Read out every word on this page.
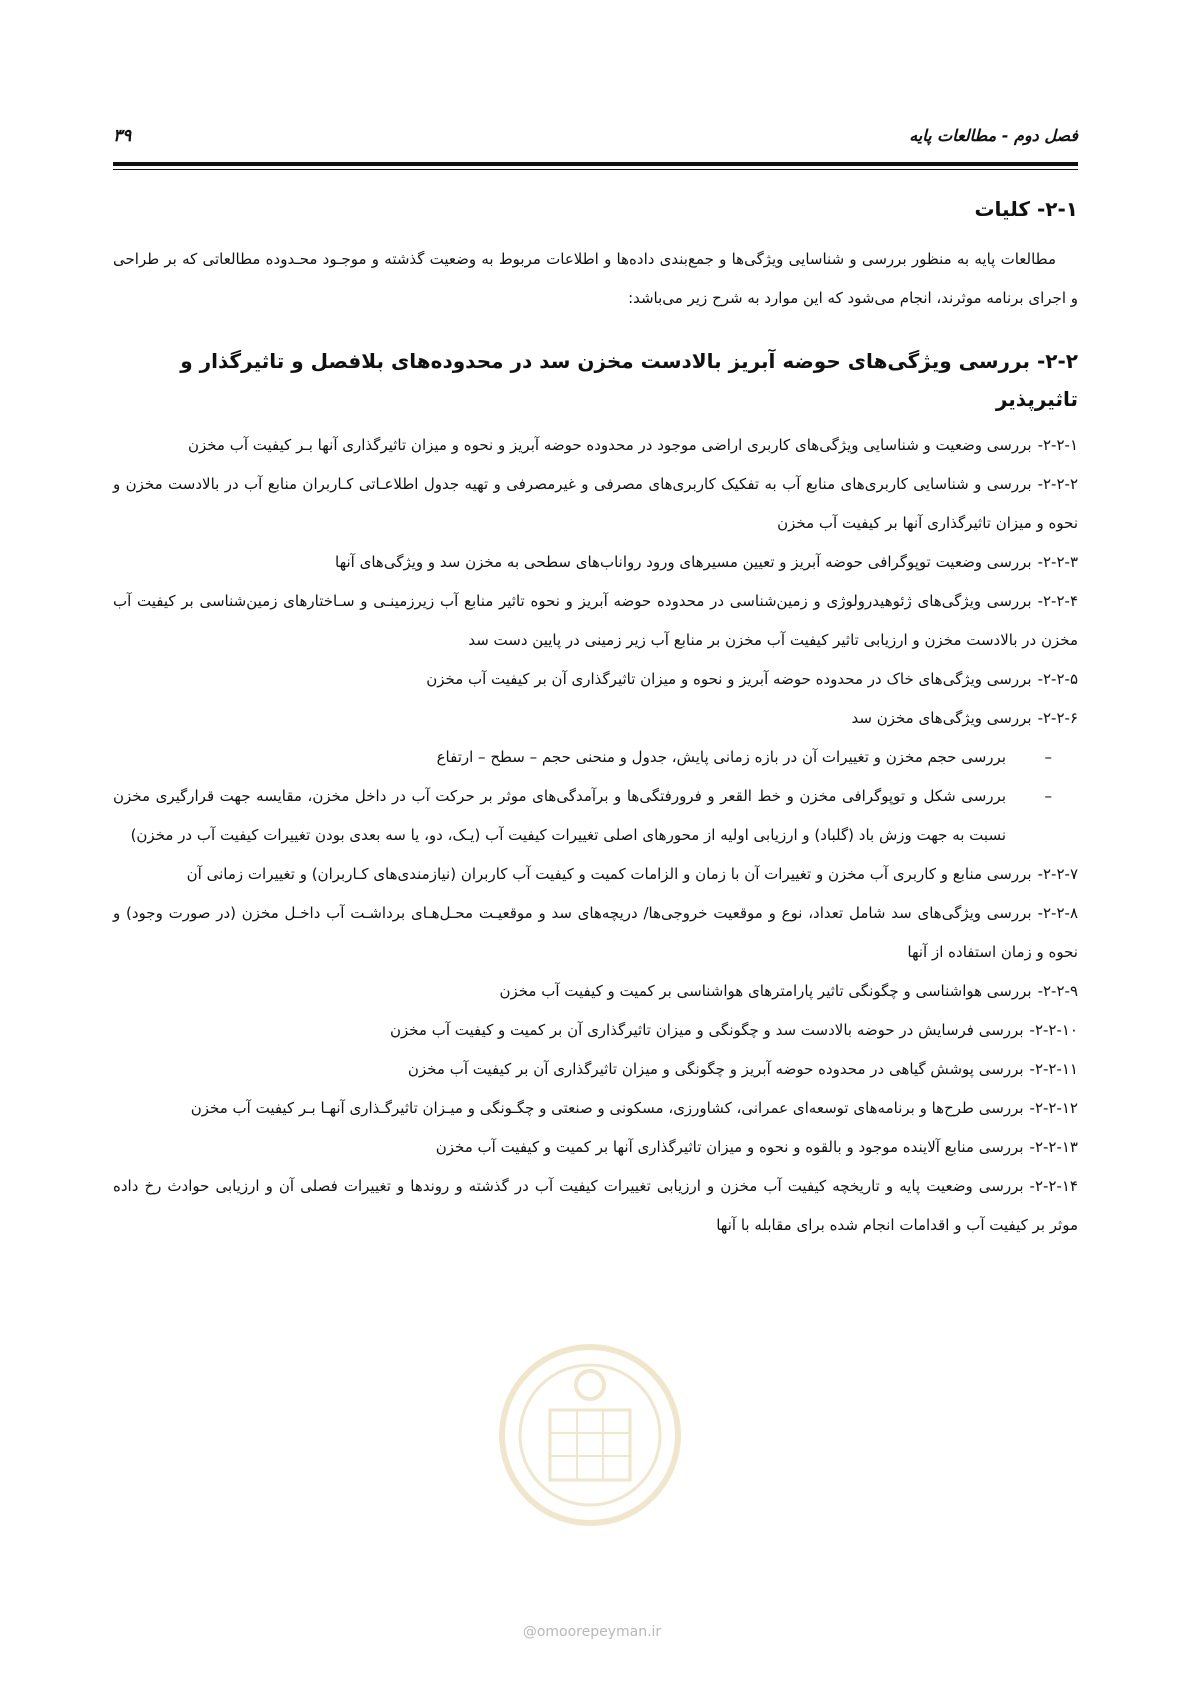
فصل دوم - مطالعات پایه
۳۹
۲-۱- کلیات

مطالعات پایه به منظور بررسی و شناسایی ویژگی‌ها و جمع‌بندی داده‌ها و اطلاعات مربوط به وضعیت گذشته و موجـود محـدوده مطالعاتی که بر طراحی و اجرای برنامه موثرند، انجام می‌شود که این موارد به شرح زیر می‌باشد:

۲-۲- بررسی ویژگی‌های حوضه آبریز بالادست مخزن سد در محدوده‌های بلافصل و تاثیرگذار و تاثیرپذیر
۲-۲-۱-بررسی وضعیت و شناسایی ویژگی‌های کاربری اراضی موجود در محدوده حوضه آبریز و نحوه و میزان تاثیرگذاری آنها بـر کیفیت آب مخزن
۲-۲-۲-بررسی و شناسایی کاربری‌های منابع آب به تفکیک کاربری‌های مصرفی و غیرمصرفی و تهیه جدول اطلاعـاتی کـاربران منابع آب در بالادست مخزن و نحوه و میزان تاثیرگذاری آنها بر کیفیت آب مخزن
۲-۲-۳-بررسی وضعیت توپوگرافی حوضه آبریز و تعیین مسیرهای ورود رواناب‌های سطحی به مخزن سد و ویژگی‌های آنها
۲-۲-۴-بررسی ویژگی‌های ژئوهیدرولوژی و زمین‌شناسی در محدوده حوضه آبریز و نحوه تاثیر منابع آب زیرزمینـی و سـاختارهای زمین‌شناسی بر کیفیت آب مخزن در بالادست مخزن و ارزیابی تاثیر کیفیت آب مخزن بر منابع آب زیر زمینی در پایین دست سد
۲-۲-۵-بررسی ویژگی‌های خاک در محدوده حوضه آبریز و نحوه و میزان تاثیرگذاری آن بر کیفیت آب مخزن
۲-۲-۶-بررسی ویژگی‌های مخزن سد
–
بررسی حجم مخزن و تغییرات آن در بازه زمانی پایش، جدول و منحنی حجم – سطح – ارتفاع
–
بررسی شکل و توپوگرافی مخزن و خط القعر و فرورفتگی‌ها و برآمدگی‌های موثر بر حرکت آب در داخل مخزن، مقایسه جهت قرارگیری مخزن نسبت به جهت وزش باد (گلباد) و ارزیابی اولیه از محورهای اصلی تغییرات کیفیت آب (یـک، دو، یا سه بعدی بودن تغییرات کیفیت آب در مخزن)
۲-۲-۷-بررسی منابع و کاربری آب مخزن و تغییرات آن با زمان و الزامات کمیت و کیفیت آب کاربران (نیازمندی‌های کـاربران) و تغییرات زمانی آن
۲-۲-۸-بررسی ویژگی‌های سد شامل تعداد، نوع و موقعیت خروجی‌ها/ دریچه‌های سد و موقعیـت محـل‌هـای برداشـت آب داخـل مخزن (در صورت وجود) و نحوه و زمان استفاده از آنها
۲-۲-۹-بررسی هواشناسی و چگونگی تاثیر پارامترهای هواشناسی بر کمیت و کیفیت آب مخزن
۲-۲-۱۰-بررسی فرسایش در حوضه بالادست سد و چگونگی و میزان تاثیرگذاری آن بر کمیت و کیفیت آب مخزن
۲-۲-۱۱-بررسی پوشش گیاهی در محدوده حوضه آبریز و چگونگی و میزان تاثیرگذاری آن بر کیفیت آب مخزن
۲-۲-۱۲-بررسی طرح‌ها و برنامه‌های توسعه‌ای عمرانی، کشاورزی، مسکونی و صنعتی و چگـونگی و میـزان تاثیرگـذاری آنهـا بـر کیفیت آب مخزن
۲-۲-۱۳-بررسی منابع آلاینده موجود و بالقوه و نحوه و میزان تاثیرگذاری آنها بر کمیت و کیفیت آب مخزن
۲-۲-۱۴-بررسی وضعیت پایه و تاریخچه کیفیت آب مخزن و ارزیابی تغییرات کیفیت آب در گذشته و روندها و تغییرات فصلی آن و ارزیابی حوادث رخ داده موثر بر کیفیت آب و اقدامات انجام شده برای مقابله با آنها
@omoorepeyman.ir
